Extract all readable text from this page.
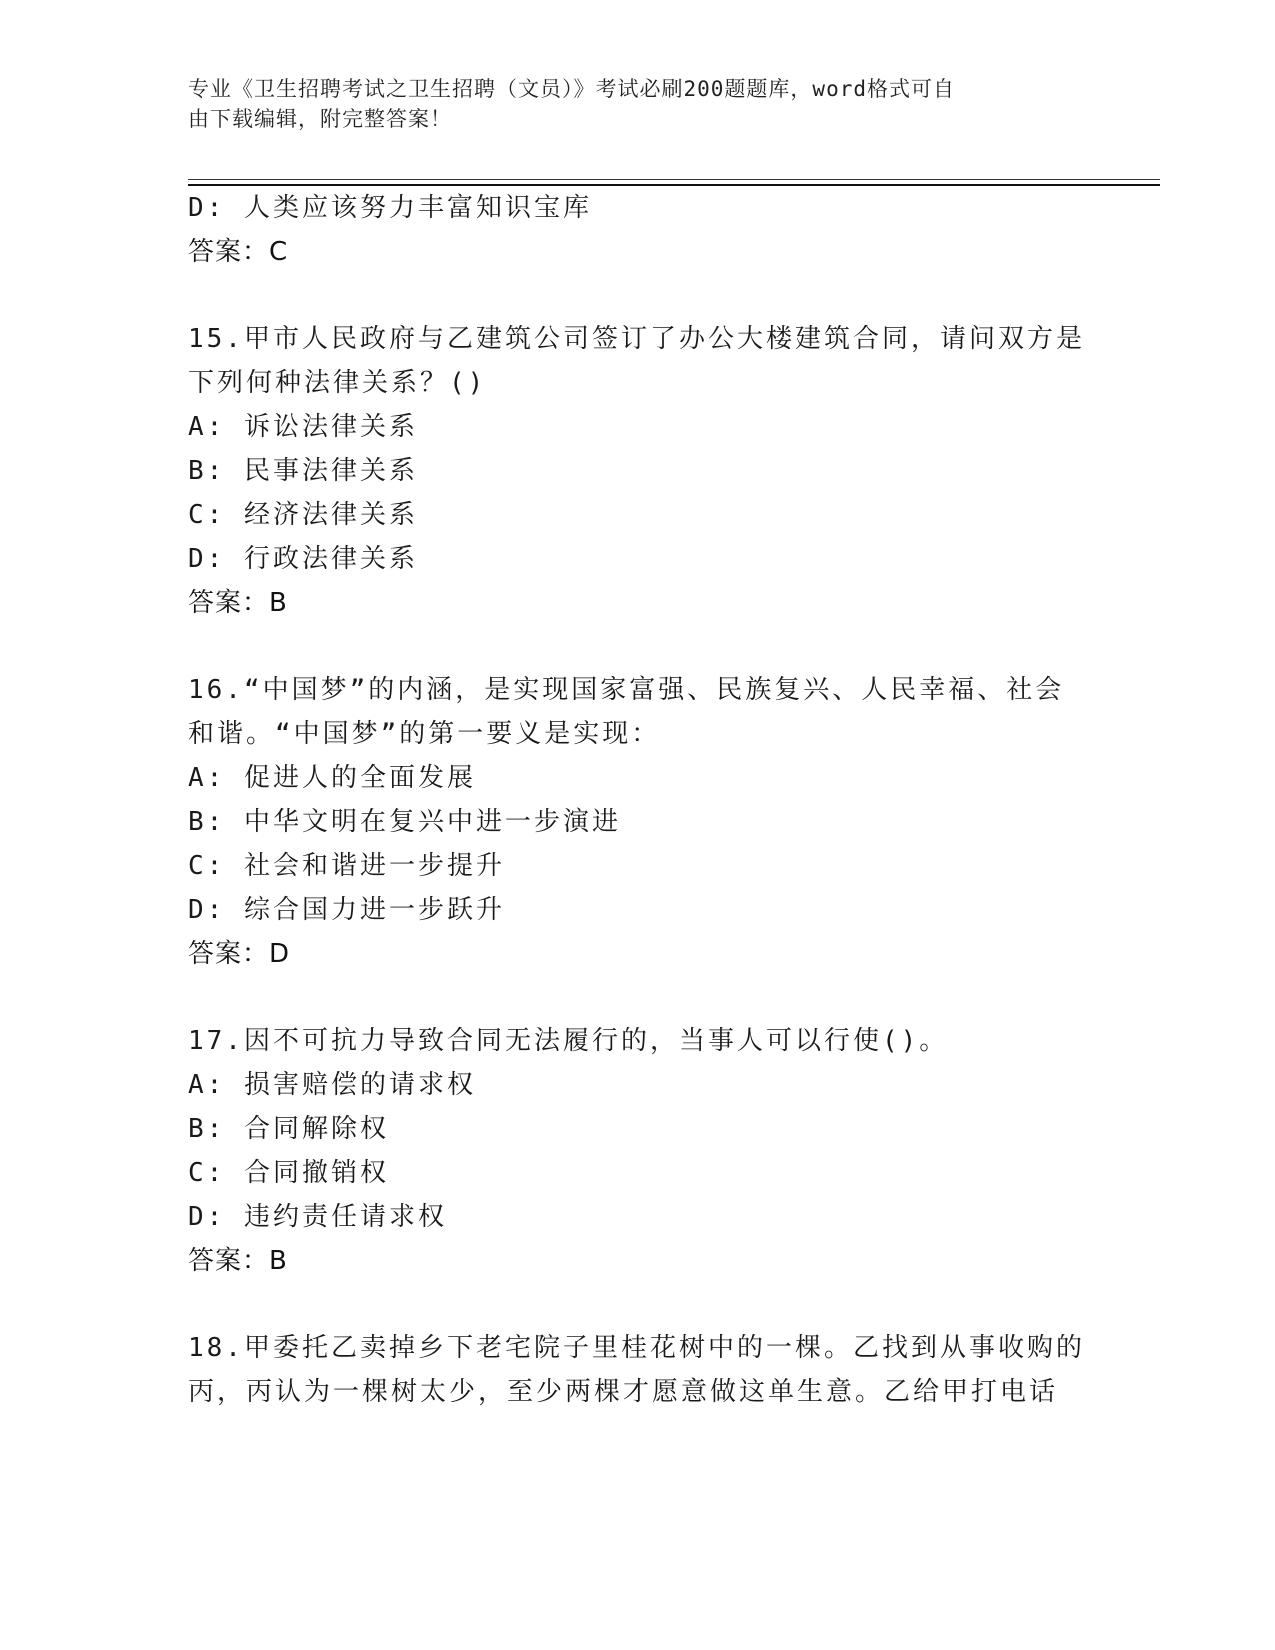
专业《卫生招聘考试之卫生招聘（文员）》考试必刷200题题库，word格式可自
由下载编辑，附完整答案！
D: 人类应该努力丰富知识宝库
答案：C
15.甲市人民政府与乙建筑公司签订了办公大楼建筑合同，请问双方是
下列何种法律关系？()
A: 诉讼法律关系
B: 民事法律关系
C: 经济法律关系
D: 行政法律关系
答案：B
16.“中国梦”的内涵，是实现国家富强、民族复兴、人民幸福、社会
和谐。“中国梦”的第一要义是实现：
A: 促进人的全面发展
B: 中华文明在复兴中进一步演进
C: 社会和谐进一步提升
D: 综合国力进一步跃升
答案：D
17.因不可抗力导致合同无法履行的，当事人可以行使()。
A: 损害赔偿的请求权
B: 合同解除权
C: 合同撤销权
D: 违约责任请求权
答案：B
18.甲委托乙卖掉乡下老宅院子里桂花树中的一棵。乙找到从事收购的
丙，丙认为一棵树太少，至少两棵才愿意做这单生意。乙给甲打电话
